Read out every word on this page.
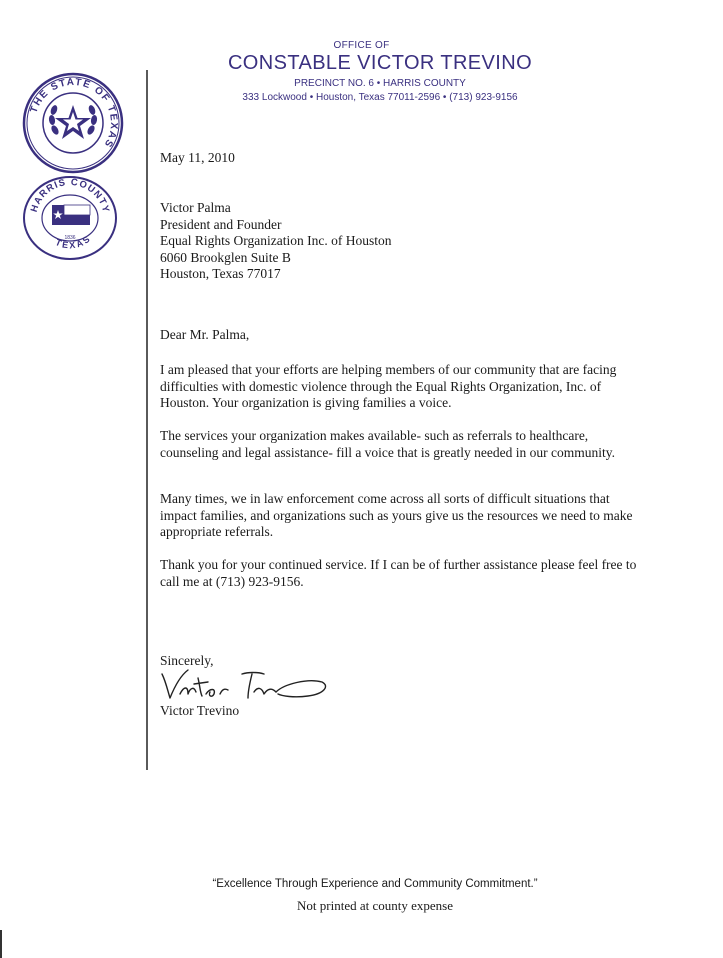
OFFICE OF
CONSTABLE VICTOR TREVINO
PRECINCT NO. 6 • HARRIS COUNTY
333 Lockwood • Houston, Texas 77011-2596 • (713) 923-9156
THE STATE OF TEXAS
HARRIS COUNTY
TEXAS
1836
May 11, 2010
Victor Palma
President and Founder
Equal Rights Organization Inc. of Houston
6060 Brookglen Suite B
Houston, Texas 77017
Dear Mr. Palma,

I am pleased that your efforts are helping members of our community that are facing difficulties with domestic violence through the Equal Rights Organization, Inc. of Houston. Your organization is giving families a voice.

The services your organization makes available- such as referrals to healthcare, counseling and legal assistance- fill a voice that is greatly needed in our community.

Many times, we in law enforcement come across all sorts of difficult situations that impact families, and organizations such as yours give us the resources we need to make appropriate referrals.

Thank you for your continued service. If I can be of further assistance please feel free to call me at (713) 923-9156.

Sincerely,
Victor Trevino
“Excellence Through Experience and Community Commitment.”
Not printed at county expense
